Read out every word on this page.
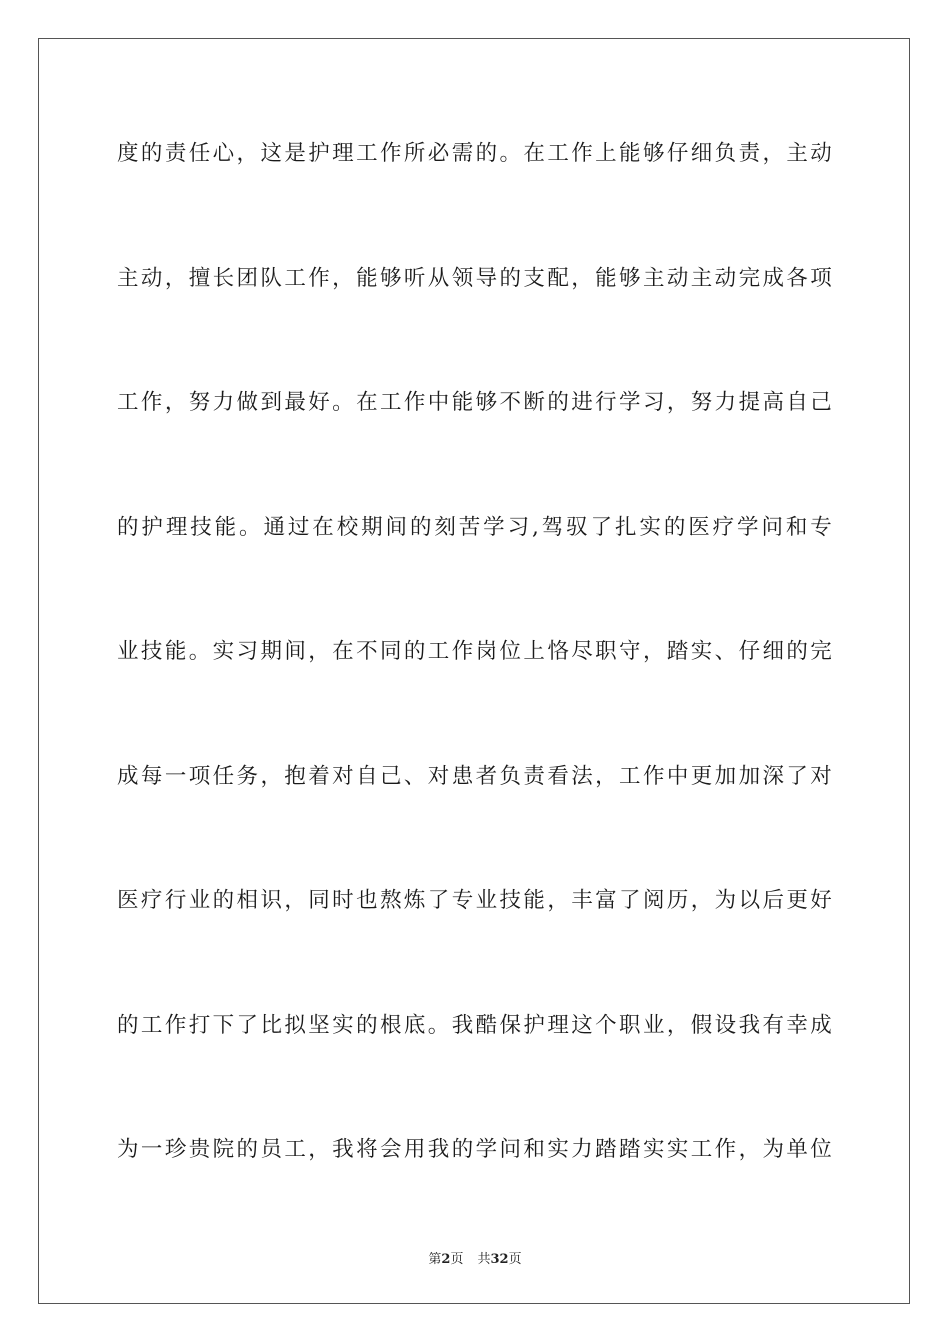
度的责任心，这是护理工作所必需的。在工作上能够仔细负责，主动
主动，擅长团队工作，能够听从领导的支配，能够主动主动完成各项
工作，努力做到最好。在工作中能够不断的进行学习，努力提高自己
的护理技能。通过在校期间的刻苦学习,驾驭了扎实的医疗学问和专
业技能。实习期间，在不同的工作岗位上恪尽职守，踏实、仔细的完
成每一项任务，抱着对自己、对患者负责看法，工作中更加加深了对
医疗行业的相识，同时也熬炼了专业技能，丰富了阅历，为以后更好
的工作打下了比拟坚实的根底。我酷保护理这个职业，假设我有幸成
为一珍贵院的员工，我将会用我的学问和实力踏踏实实工作，为单位
第2页 共32页
